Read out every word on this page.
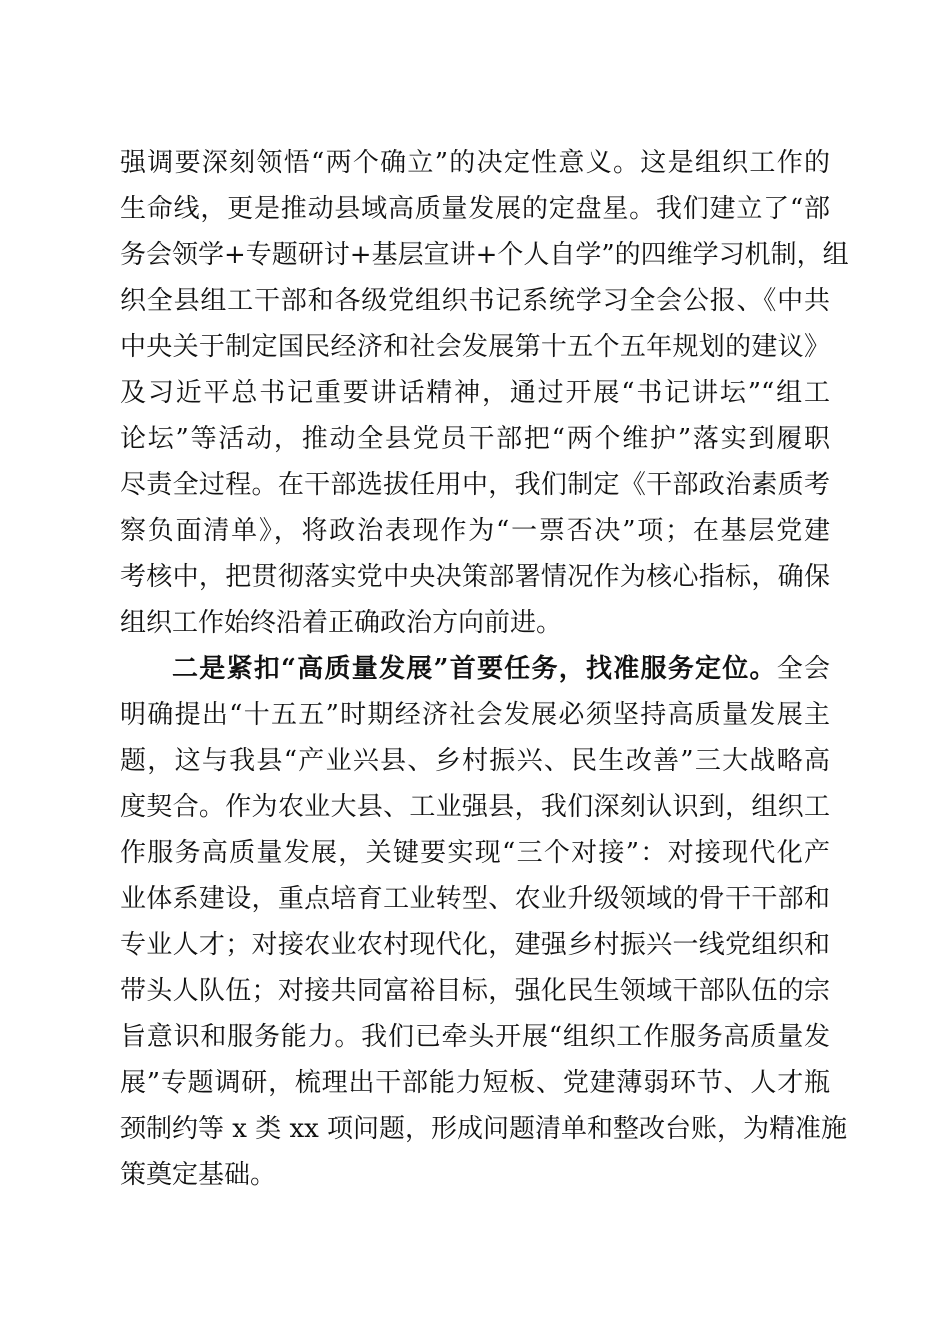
强调要深刻领悟“两个确立”的决定性意义。这是组织工作的
生命线，更是推动县域高质量发展的定盘星。我们建立了“部
务会领学+专题研讨+基层宣讲+个人自学”的四维学习机制，组
织全县组工干部和各级党组织书记系统学习全会公报、《中共
中央关于制定国民经济和社会发展第十五个五年规划的建议》
及习近平总书记重要讲话精神，通过开展“书记讲坛”“组工
论坛”等活动，推动全县党员干部把“两个维护”落实到履职
尽责全过程。在干部选拔任用中，我们制定《干部政治素质考
察负面清单》，将政治表现作为“一票否决”项；在基层党建
考核中，把贯彻落实党中央决策部署情况作为核心指标，确保
组织工作始终沿着正确政治方向前进。
二是紧扣“高质量发展”首要任务，找准服务定位。全会
明确提出“十五五”时期经济社会发展必须坚持高质量发展主
题，这与我县“产业兴县、乡村振兴、民生改善”三大战略高
度契合。作为农业大县、工业强县，我们深刻认识到，组织工
作服务高质量发展，关键要实现“三个对接”：对接现代化产
业体系建设，重点培育工业转型、农业升级领域的骨干干部和
专业人才；对接农业农村现代化，建强乡村振兴一线党组织和
带头人队伍；对接共同富裕目标，强化民生领域干部队伍的宗
旨意识和服务能力。我们已牵头开展“组织工作服务高质量发
展”专题调研，梳理出干部能力短板、党建薄弱环节、人才瓶
颈制约等 x 类 xx 项问题，形成问题清单和整改台账，为精准施
策奠定基础。
